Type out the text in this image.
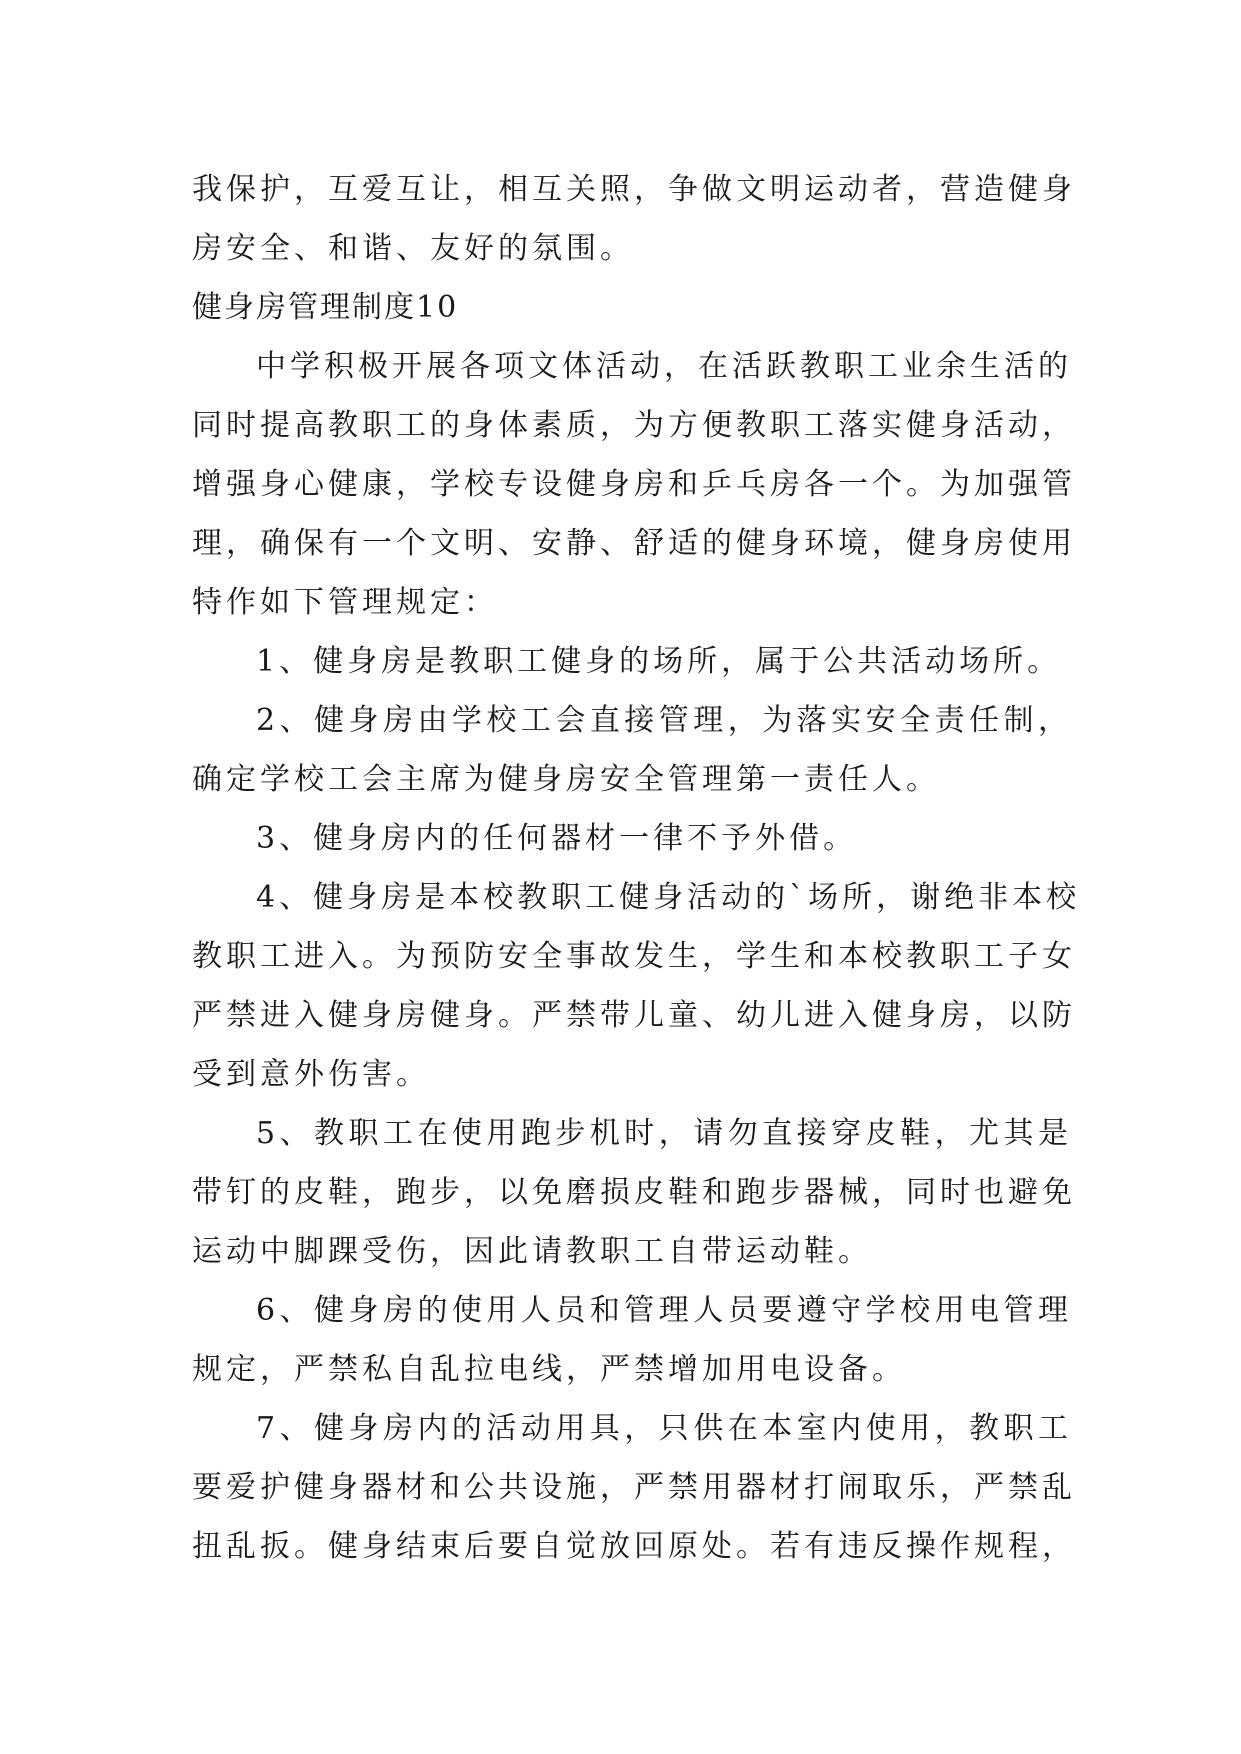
我保护，互爱互让，相互关照，争做文明运动者，营造健身
房安全、和谐、友好的氛围。
健身房管理制度10
中学积极开展各项文体活动，在活跃教职工业余生活的
同时提高教职工的身体素质，为方便教职工落实健身活动，
增强身心健康，学校专设健身房和乒乓房各一个。为加强管
理，确保有一个文明、安静、舒适的健身环境，健身房使用
特作如下管理规定：
1、健身房是教职工健身的场所，属于公共活动场所。
2、健身房由学校工会直接管理，为落实安全责任制，
确定学校工会主席为健身房安全管理第一责任人。
3、健身房内的任何器材一律不予外借。
4、健身房是本校教职工健身活动的`场所，谢绝非本校
教职工进入。为预防安全事故发生，学生和本校教职工子女
严禁进入健身房健身。严禁带儿童、幼儿进入健身房，以防
受到意外伤害。
5、教职工在使用跑步机时，请勿直接穿皮鞋，尤其是
带钉的皮鞋，跑步，以免磨损皮鞋和跑步器械，同时也避免
运动中脚踝受伤，因此请教职工自带运动鞋。
6、健身房的使用人员和管理人员要遵守学校用电管理
规定，严禁私自乱拉电线，严禁增加用电设备。
7、健身房内的活动用具，只供在本室内使用，教职工
要爱护健身器材和公共设施，严禁用器材打闹取乐，严禁乱
扭乱扳。健身结束后要自觉放回原处。若有违反操作规程，
